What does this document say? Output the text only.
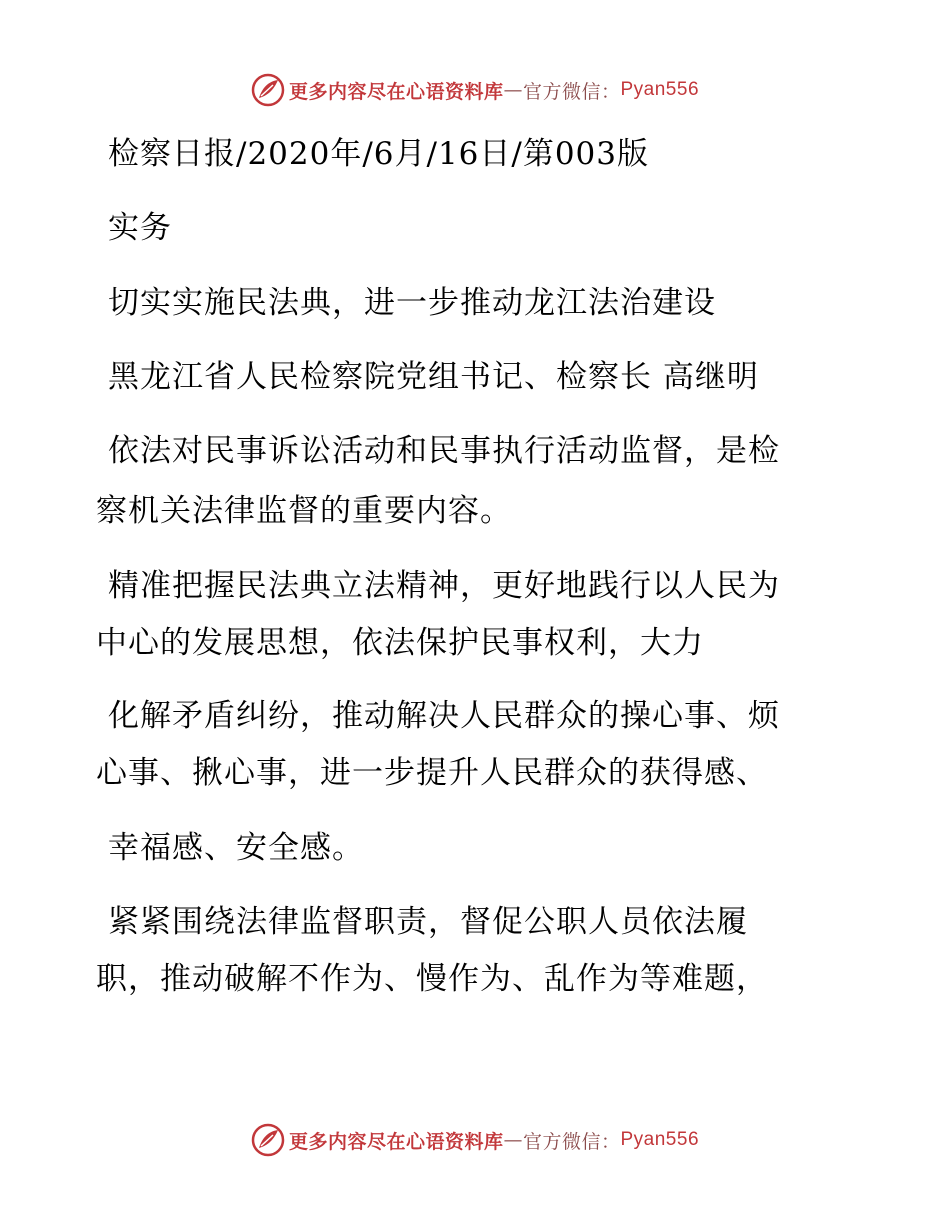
更多内容尽在心语资料库 — 官方微信： Pyan556
检察日报/2020年/6月/16日/第003版
实务
切实实施民法典，进一步推动龙江法治建设
黑龙江省人民检察院党组书记、检察长 高继明
依法对民事诉讼活动和民事执行活动监督，是检
察机关法律监督的重要内容。
精准把握民法典立法精神，更好地践行以人民为
中心的发展思想，依法保护民事权利，大力
化解矛盾纠纷，推动解决人民群众的操心事、烦
心事、揪心事，进一步提升人民群众的获得感、
幸福感、安全感。
紧紧围绕法律监督职责，督促公职人员依法履
职，推动破解不作为、慢作为、乱作为等难题，
更多内容尽在心语资料库 — 官方微信： Pyan556
